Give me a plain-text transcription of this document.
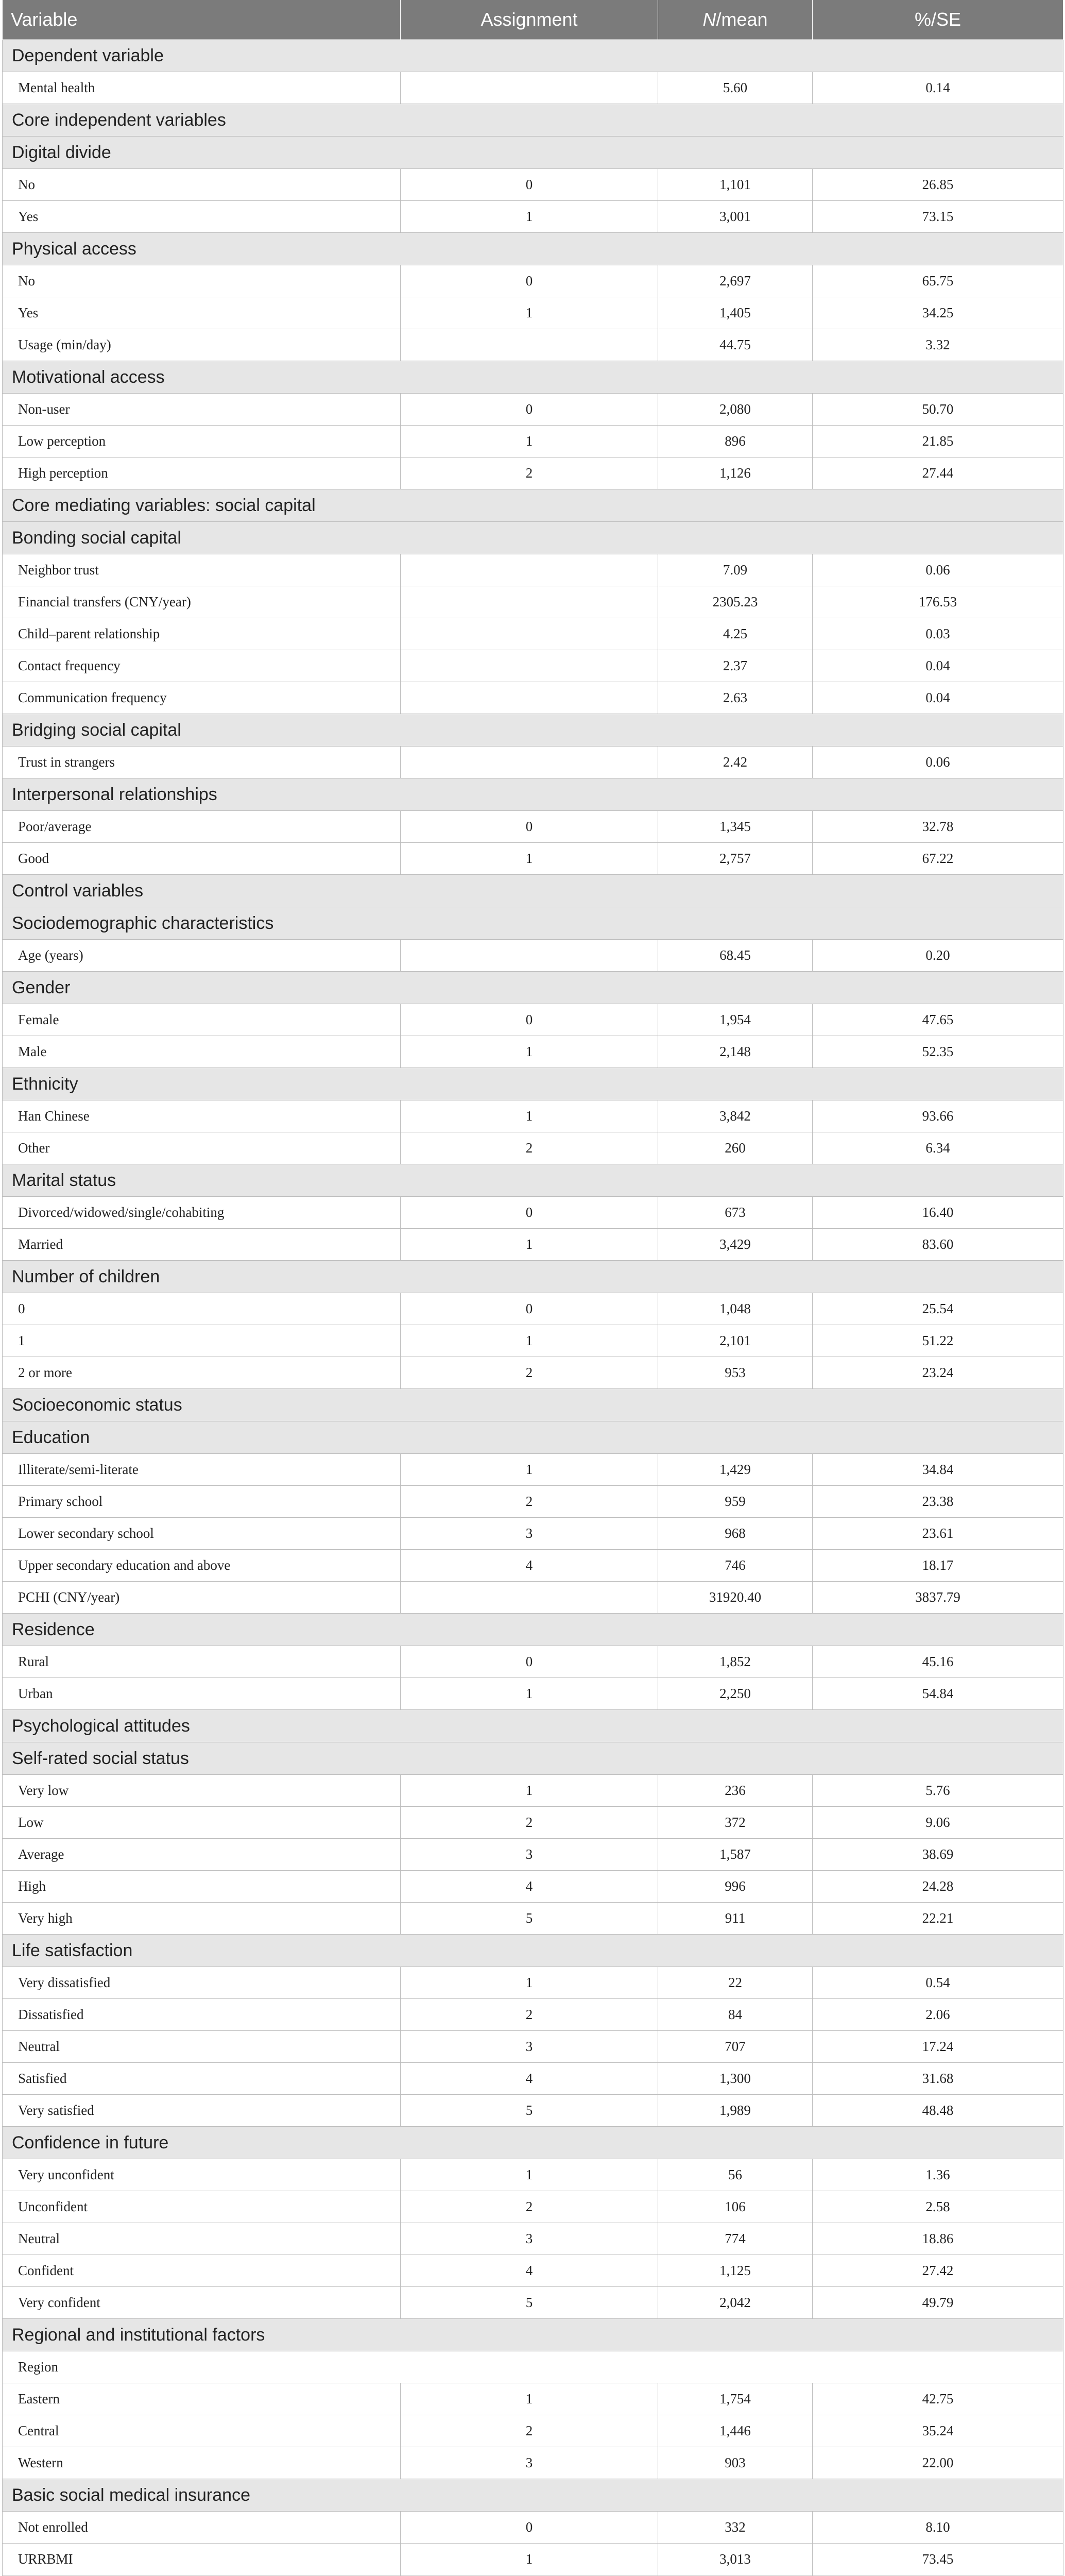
Variable	Assignment	N/mean	%/SE
Dependent variable			
Mental health		5.60	0.14
Core independent variables			
Digital divide			
No	0	1,101	26.85
Yes	1	3,001	73.15
Physical access			
No	0	2,697	65.75
Yes	1	1,405	34.25
Usage (min/day)		44.75	3.32
Motivational access			
Non-user	0	2,080	50.70
Low perception	1	896	21.85
High perception	2	1,126	27.44
Core mediating variables: social capital			
Bonding social capital			
Neighbor trust		7.09	0.06
Financial transfers (CNY/year)		2305.23	176.53
Child–parent relationship		4.25	0.03
Contact frequency		2.37	0.04
Communication frequency		2.63	0.04
Bridging social capital			
Trust in strangers		2.42	0.06
Interpersonal relationships			
Poor/average	0	1,345	32.78
Good	1	2,757	67.22
Control variables			
Sociodemographic characteristics			
Age (years)		68.45	0.20
Gender			
Female	0	1,954	47.65
Male	1	2,148	52.35
Ethnicity			
Han Chinese	1	3,842	93.66
Other	2	260	6.34
Marital status			
Divorced/widowed/single/cohabiting	0	673	16.40
Married	1	3,429	83.60
Number of children			
0	0	1,048	25.54
1	1	2,101	51.22
2 or more	2	953	23.24
Socioeconomic status			
Education			
Illiterate/semi-literate	1	1,429	34.84
Primary school	2	959	23.38
Lower secondary school	3	968	23.61
Upper secondary education and above	4	746	18.17
PCHI (CNY/year)		31920.40	3837.79
Residence			
Rural	0	1,852	45.16
Urban	1	2,250	54.84
Psychological attitudes			
Self-rated social status			
Very low	1	236	5.76
Low	2	372	9.06
Average	3	1,587	38.69
High	4	996	24.28
Very high	5	911	22.21
Life satisfaction			
Very dissatisfied	1	22	0.54
Dissatisfied	2	84	2.06
Neutral	3	707	17.24
Satisfied	4	1,300	31.68
Very satisfied	5	1,989	48.48
Confidence in future			
Very unconfident	1	56	1.36
Unconfident	2	106	2.58
Neutral	3	774	18.86
Confident	4	1,125	27.42
Very confident	5	2,042	49.79
Regional and institutional factors			
Region			
Eastern	1	1,754	42.75
Central	2	1,446	35.24
Western	3	903	22.00
Basic social medical insurance			
Not enrolled	0	332	8.10
URRBMI	1	3,013	73.45
